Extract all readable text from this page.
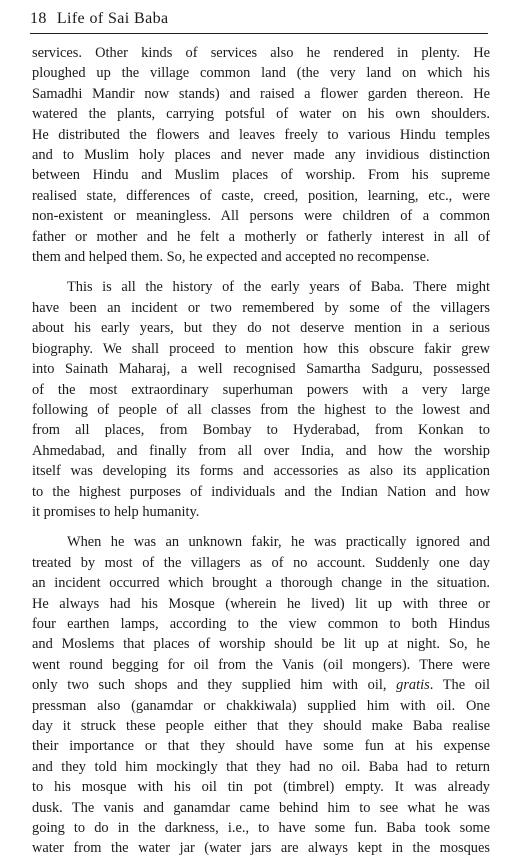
18 Life of Sai Baba

services. Other kinds of services also he rendered in plenty. He
ploughed up the village common land (the very land on which his
Samadhi Mandir now stands) and raised a flower garden thereon. He
watered the plants, carrying potsful of water on his own shoulders.
He distributed the flowers and leaves freely to various Hindu temples
and to Muslim holy places and never made any invidious distinction
between Hindu and Muslim places of worship. From his supreme
realised state, differences of caste, creed, position, learning, etc., were
non-existent or meaningless. All persons were children of a common
father or mother and he felt a motherly or fatherly interest in all of
them and helped them. So, he expected and accepted no recompense.

This is all the history of the early years of Baba. There might
have been an incident or two remembered by some of the villagers
about his early years, but they do not deserve mention in a serious
biography. We shall proceed to mention how this obscure fakir grew
into Sainath Maharaj, a well recognised Samartha Sadguru, possessed
of the most extraordinary superhuman powers with a very large
following of people of all classes from the highest to the lowest and
from all places, from Bombay to Hyderabad, from Konkan to
Ahmedabad, and finally from all over India, and how the worship
itself was developing its forms and accessories as also its application
to the highest purposes of individuals and the Indian Nation and how
it promises to help humanity.

When he was an unknown fakir, he was practically ignored and
treated by most of the villagers as of no account. Suddenly one day
an incident occurred which brought a thorough change in the situation.
He always had his Mosque (wherein he lived) lit up with three or
four earthen lamps, according to the view common to both Hindus
and Moslems that places of worship should be lit up at night. So, he
went round begging for oil from the Vanis (oil mongers). There were
only two such shops and they supplied him with oil, gratis. The oil
pressman also (ganamdar or chakkiwala) supplied him with oil. One
day it struck these people either that they should make Baba realise
their importance or that they should have some fun at his expense
and they told him mockingly that they had no oil. Baba had to return
to his mosque with his oil tin pot (timbrel) empty. It was already
dusk. The vanis and ganamdar came behind him to see what he was
going to do in the darkness, i.e., to have some fun. Baba took some
water from the water jar (water jars are always kept in the mosques
